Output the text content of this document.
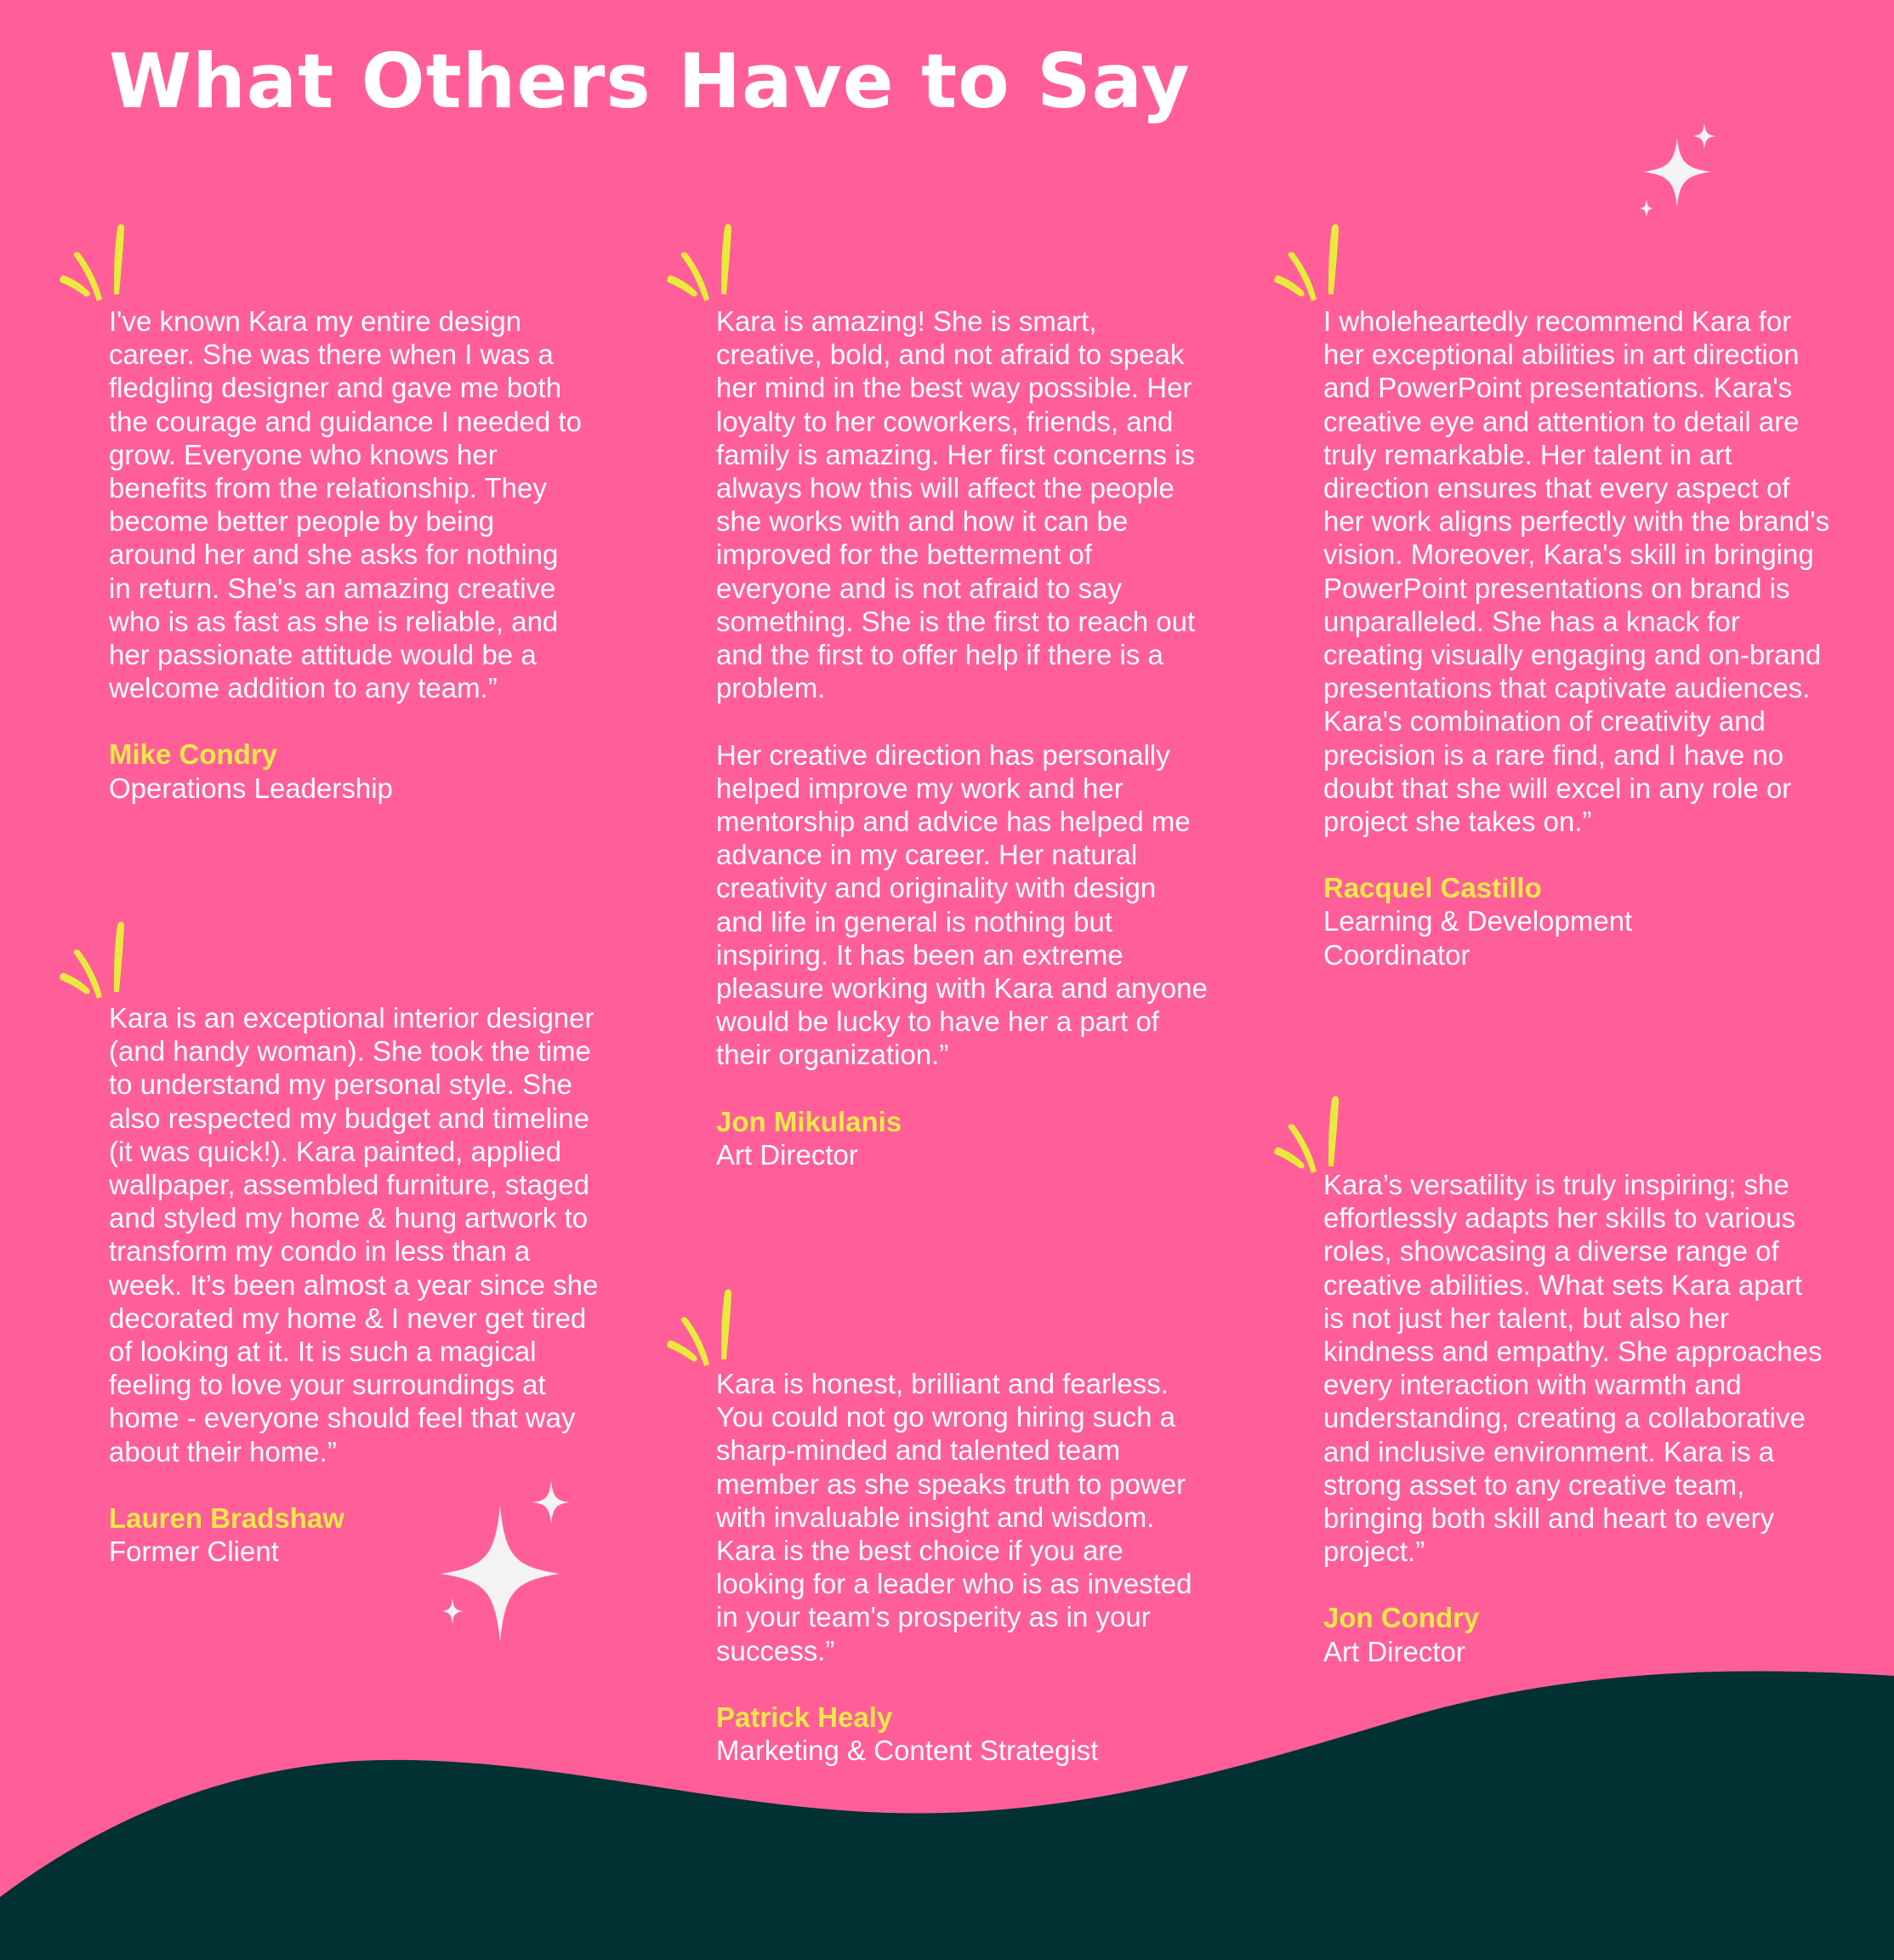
What Others Have to Say

I've known Kara my entire design career. She was there when I was a fledgling designer and gave me both the courage and guidance I needed to grow. Everyone who knows her benefits from the relationship. They become better people by being around her and she asks for nothing in return. She's an amazing creative who is as fast as she is reliable, and her passionate attitude would be a welcome addition to any team.”

Mike Condry

Operations Leadership

Kara is an exceptional interior designer (and handy woman). She took the time to understand my personal style. She also respected my budget and timeline (it was quick!). Kara painted, applied wallpaper, assembled furniture, staged and styled my home & hung artwork to transform my condo in less than a week. It’s been almost a year since she decorated my home & I never get tired of looking at it. It is such a magical feeling to love your surroundings at home - everyone should feel that way about their home.”

Lauren Bradshaw

Former Client

Kara is amazing! She is smart, creative, bold, and not afraid to speak her mind in the best way possible. Her loyalty to her coworkers, friends, and family is amazing. Her first concerns is always how this will affect the people she works with and how it can be improved for the betterment of everyone and is not afraid to say something. She is the first to reach out and the first to offer help if there is a problem.

Her creative direction has personally helped improve my work and her mentorship and advice has helped me advance in my career. Her natural creativity and originality with design and life in general is nothing but inspiring. It has been an extreme pleasure working with Kara and anyone would be lucky to have her a part of their organization.”

Jon Mikulanis

Art Director

Kara is honest, brilliant and fearless. You could not go wrong hiring such a sharp-minded and talented team member as she speaks truth to power with invaluable insight and wisdom. Kara is the best choice if you are looking for a leader who is as invested in your team's prosperity as in your success.”

Patrick Healy

Marketing & Content Strategist

I wholeheartedly recommend Kara for her exceptional abilities in art direction and PowerPoint presentations. Kara's creative eye and attention to detail are truly remarkable. Her talent in art direction ensures that every aspect of her work aligns perfectly with the brand's vision. Moreover, Kara's skill in bringing PowerPoint presentations on brand is unparalleled. She has a knack for creating visually engaging and on-brand presentations that captivate audiences. Kara's combination of creativity and precision is a rare find, and I have no doubt that she will excel in any role or project she takes on.”

Racquel Castillo

Learning & Development Coordinator

Kara’s versatility is truly inspiring; she effortlessly adapts her skills to various roles, showcasing a diverse range of creative abilities. What sets Kara apart is not just her talent, but also her kindness and empathy. She approaches every interaction with warmth and understanding, creating a collaborative and inclusive environment. Kara is a strong asset to any creative team, bringing both skill and heart to every project.”

Jon Condry

Art Director
